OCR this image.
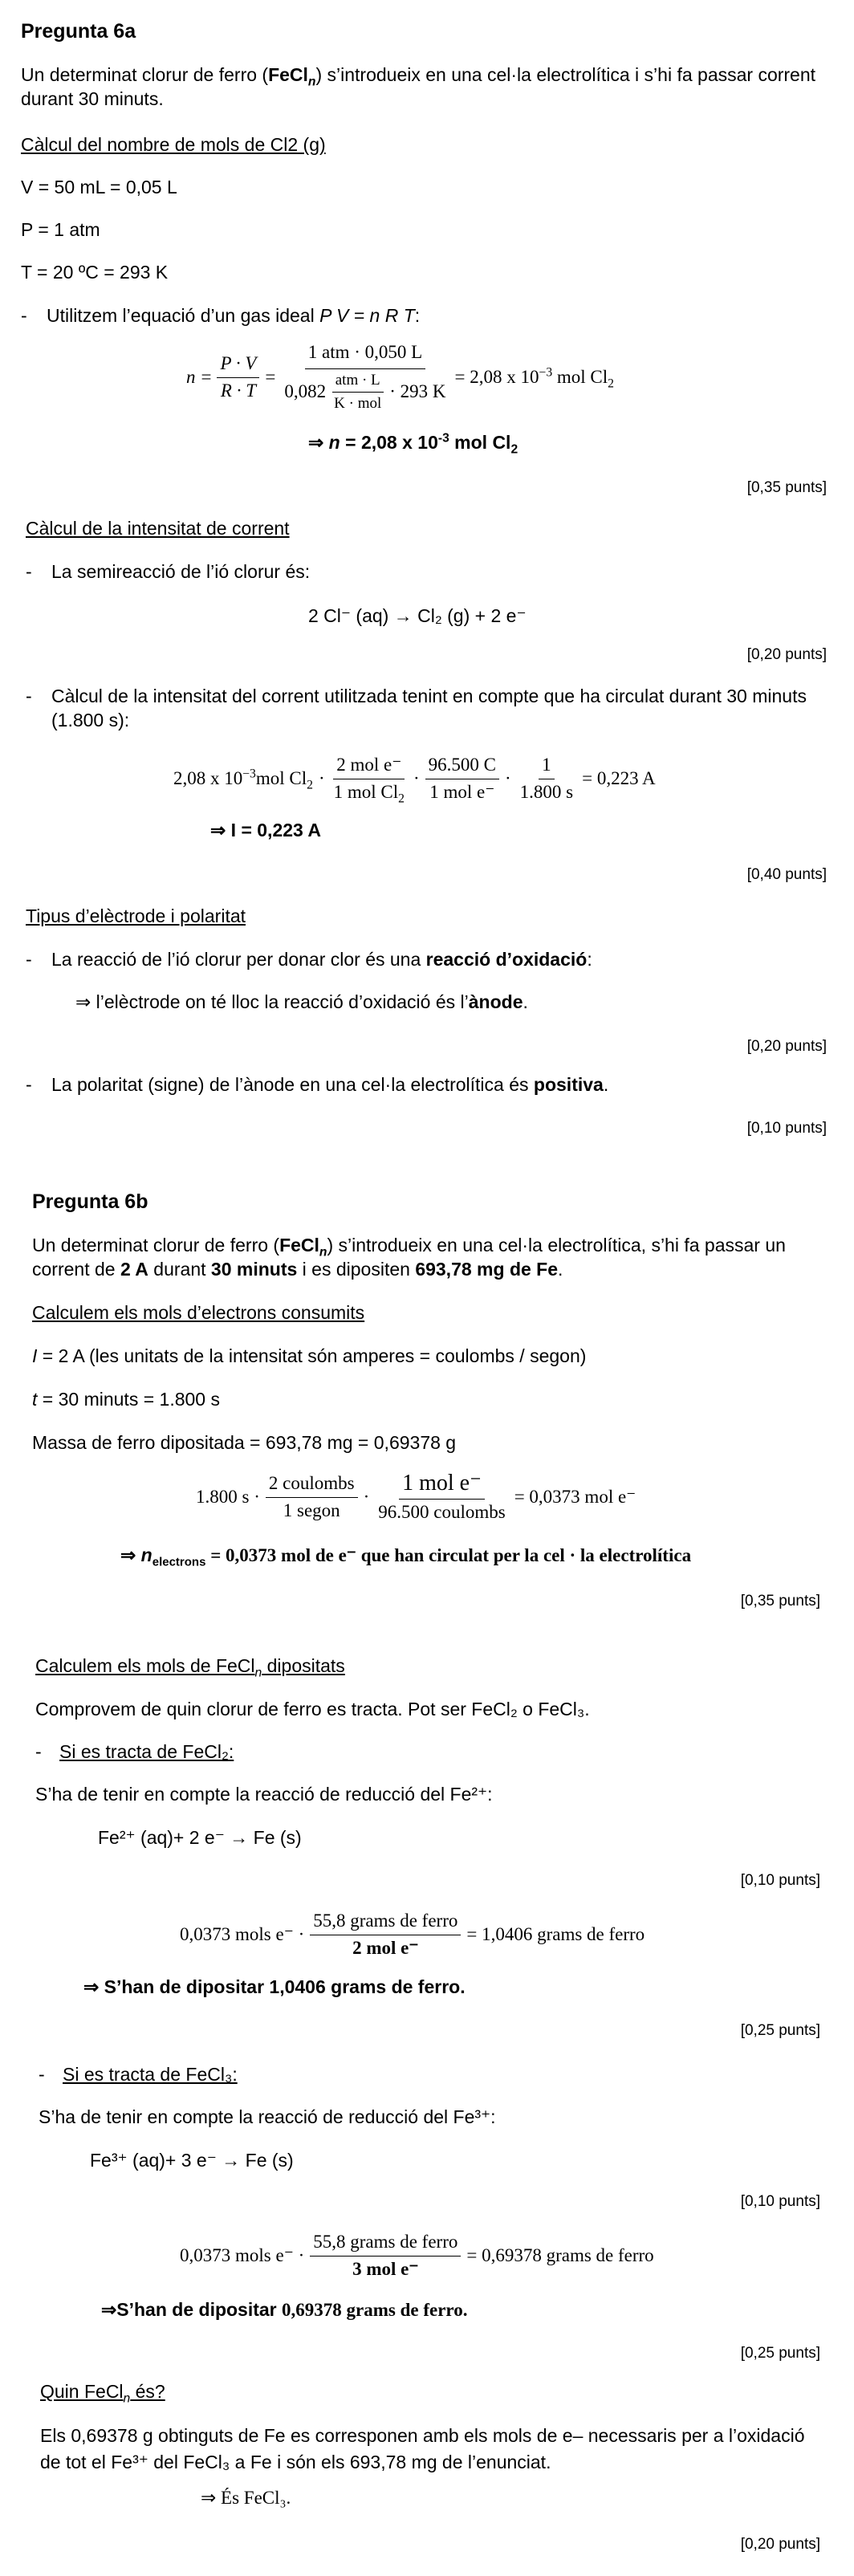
Pregunta 6a
Un determinat clorur de ferro (FeCl$_n$) s’introdueix en una cel·la electrolítica i s’hi fa passar corrent durant 30 minuts.
Càlcul del nombre de mols de Cl2 (g)
V = 50 mL = 0,05 L
P = 1 atm
T = 20 ºC = 293 K
- Utilitzem l’equació d’un gas ideal P V = n R T:
$n = \frac{P \cdot V}{R \cdot T} = \frac{\text{1 atm · 0,050 L}}{0,082 \frac{\text{atm · L}}{\text{K · mol}} \cdot 293 K} = 2,08$ x $10^{-3}$ mol $Cl_2$
⇒ n = 2,08 x $10^{-3}$ mol $Cl_2$
[0,35 punts]
Càlcul de la intensitat de corrent
- La semireacció de l’ió clorur és:
2 Cl⁻ (aq) → Cl₂ (g) + 2 e⁻
[0,20 punts]
- Càlcul de la intensitat del corrent utilitzada tenint en compte que ha circulat durant 30 minuts (1.800 s):
2,08 x $10^{-3}mol$ $Cl_2 \cdot \frac{\text{2 mol e⁻}}{1 mol Cl_2} \cdot \frac{96.500 C}{\text{1 mol e⁻}} \cdot \frac{1}{1.800 s} = 0,223$ A
⇒ I = 0,223 A
[0,40 punts]
Tipus d’elèctrode i polaritat
- La reacció de l’ió clorur per donar clor és una reacció d’oxidació:
⇒ l’elèctrode on té lloc la reacció d’oxidació és l’ànode.
[0,20 punts]
- La polaritat (signe) de l’ànode en una cel·la electrolítica és positiva.
[0,10 punts]
Pregunta 6b
Un determinat clorur de ferro (FeCl$_n$) s’introdueix en una cel·la electrolítica, s’hi fa passar un corrent de 2 A durant 30 minuts i es dipositen 693,78 mg de Fe.
Calculem els mols d’electrons consumits
I = 2 A (les unitats de la intensitat són amperes = coulombs / segon)
t = 30 minuts = 1.800 s
Massa de ferro dipositada = 693,78 mg = 0,69378 g
1.800 $s \cdot \frac{\text{2 coulombs}}{\text{1 segon}} \cdot \frac{\text{1 mol e⁻}}{\text{96.500 coulombs}} = 0,0373$ mol e⁻
⇒ $n_{electrons} = 0,0373$ mol de e⁻ que han circulat per la cel · la electrolítica
[0,35 punts]
Calculem els mols de FeCl$_n$ dipositats
Comprovem de quin clorur de ferro es tracta. Pot ser FeCl₂ o FeCl₃.
- Si es tracta de FeCl₂:
S’ha de tenir en compte la reacció de reducció del Fe²⁺:
Fe²⁺ (aq)+ 2 e⁻ → Fe (s)
[0,10 punts]
0,0373 mols $e^- \cdot \frac{\text{55,8 grams de ferro}}{\text{2 mol e⁻}} = 1,0406$ grams de ferro
⇒ S’han de dipositar 1,0406 grams de ferro.
[0,25 punts]
- Si es tracta de FeCl₃:
S’ha de tenir en compte la reacció de reducció del Fe³⁺:
Fe³⁺ (aq)+ 3 e⁻ → Fe (s)
[0,10 punts]
0,0373 mols $e^- \cdot \frac{\text{55,8 grams de ferro}}{\text{3 mol e⁻}} = 0,69378$ grams de ferro
⇒S’han de dipositar 0,69378 grams de ferro.
[0,25 punts]
Quin FeCl$_n$ és?
Els 0,69378 g obtinguts de Fe es corresponen amb els mols de e– necessaris per a l’oxidació de tot el Fe³⁺ del FeCl₃ a Fe i són els 693,78 mg de l’enunciat.
⇒ És FeCl₃.
[0,20 punts]
